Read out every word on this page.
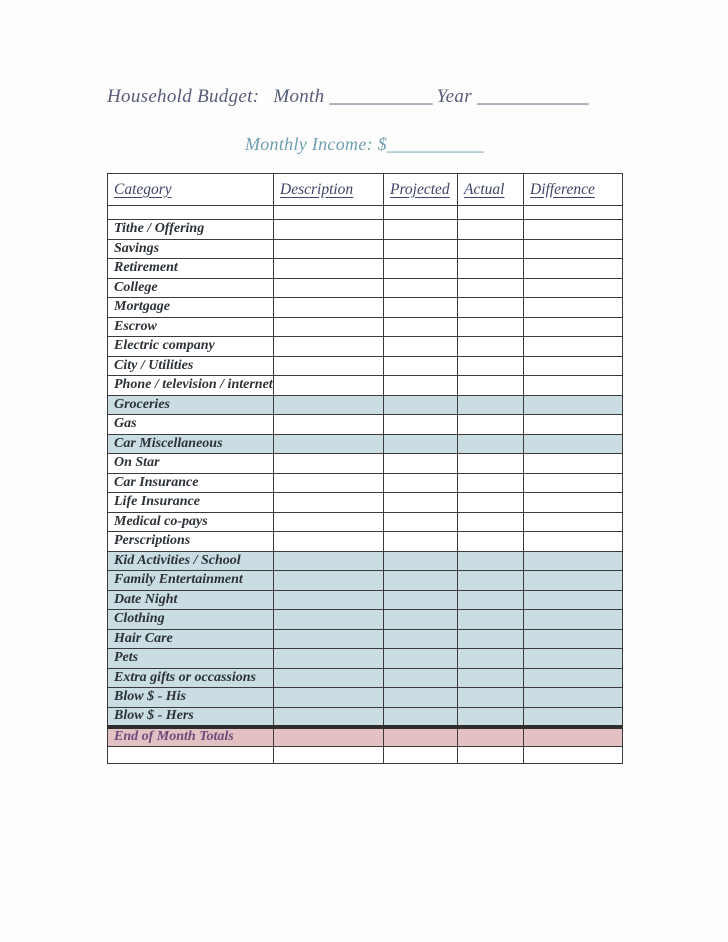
Household Budget: Month ____________ Year _____________
Monthly Income: $____________
Category	Description	Projected	Actual	Difference

Tithe / Offering				
Savings				
Retirement				
College				
Mortgage				
Escrow				
Electric company				
City / Utilities				
Phone / television / internet				
Groceries				
Gas				
Car Miscellaneous				
On Star				
Car Insurance				
Life Insurance				
Medical co-pays				
Perscriptions				
Kid Activities / School				
Family Entertainment				
Date Night				
Clothing				
Hair Care				
Pets				
Extra gifts or occassions				
Blow $ - His				
Blow $ - Hers				
End of Month Totals				
